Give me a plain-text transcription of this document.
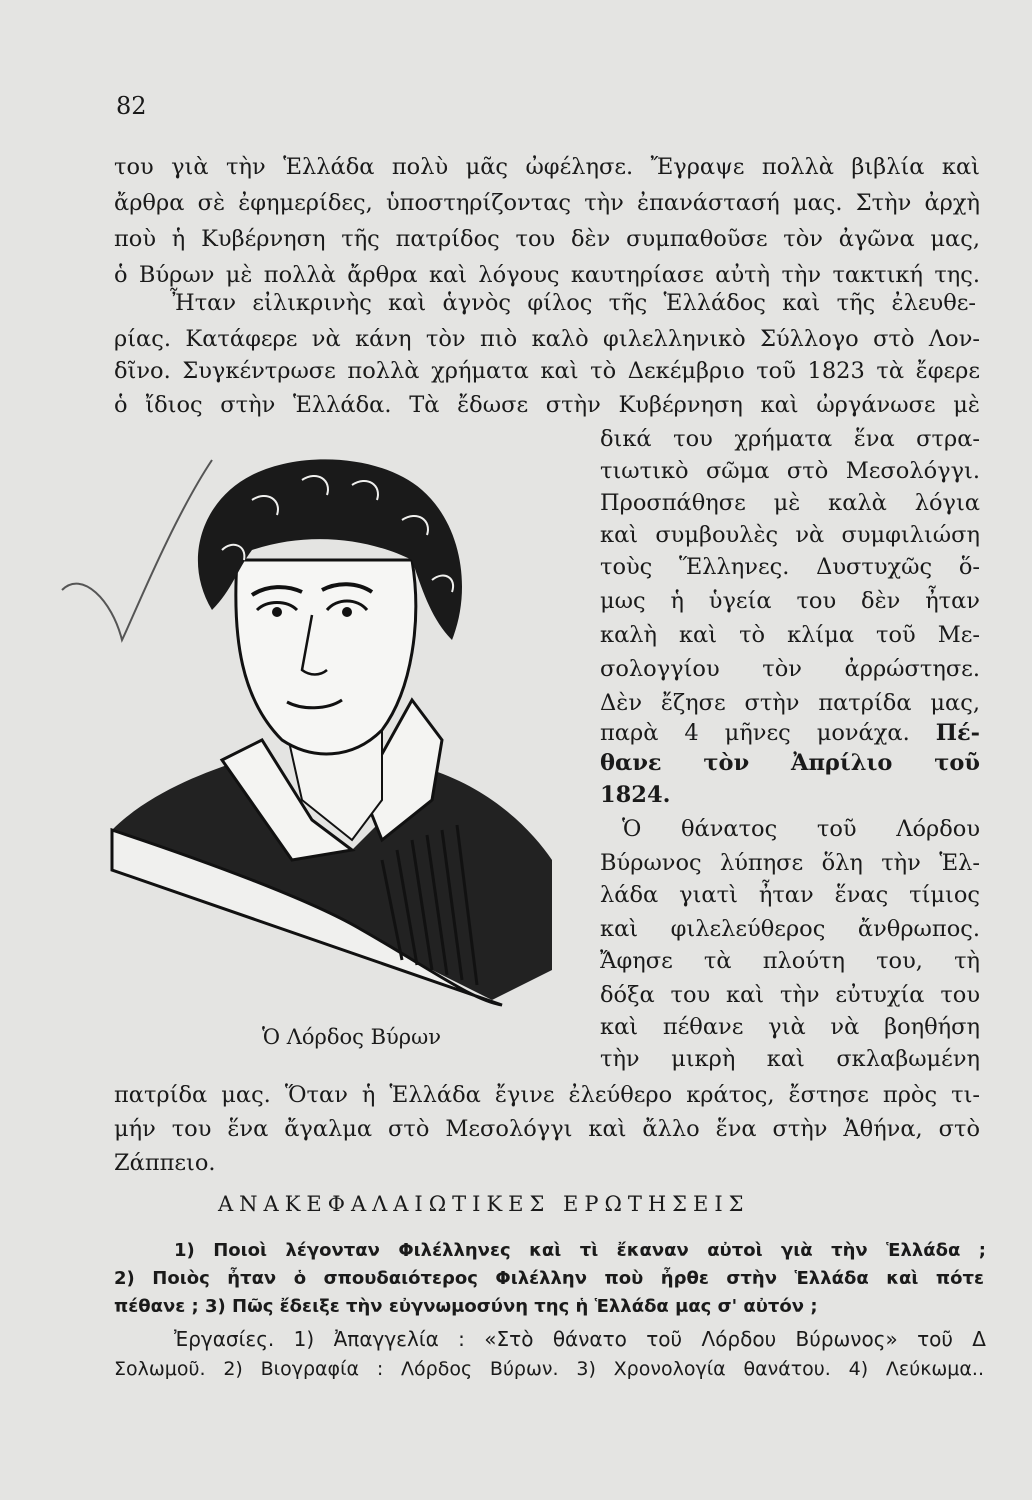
82
του γιὰ τὴν Ἑλλάδα πολὺ μᾶς ὠφέλησε. Ἔγραψε πολλὰ βιβλία καὶ
ἄρθρα σὲ ἐφημερίδες, ὑποστηρίζοντας τὴν ἐπανάστασή μας. Στὴν ἀρχὴ
ποὺ ἡ Κυβέρνηση τῆς πατρίδος του δὲν συμπαθοῦσε τὸν ἀγῶνα μας,
ὁ Βύρων μὲ πολλὰ ἄρθρα καὶ λόγους καυτηρίασε αὐτὴ τὴν τακτική της.
Ἦταν εἰλικρινὴς καὶ ἁγνὸς φίλος τῆς Ἑλλάδος καὶ τῆς ἐλευθε-
ρίας. Κατάφερε νὰ κάνη τὸν πιὸ καλὸ φιλελληνικὸ Σύλλογο στὸ Λον-
δῖνο. Συγκέντρωσε πολλὰ χρήματα καὶ τὸ Δεκέμβριο τοῦ 1823 τὰ ἔφερε
ὁ ἴδιος στὴν Ἑλλάδα. Τὰ ἔδωσε στὴν Κυβέρνηση καὶ ὠργάνωσε μὲ
δικά του χρήματα ἕνα στρα-
τιωτικὸ σῶμα στὸ Μεσολόγγι.
Προσπάθησε μὲ καλὰ λόγια
καὶ συμβουλὲς νὰ συμφιλιώση
τοὺς Ἕλληνες. Δυστυχῶς ὅ-
μως ἡ ὑγεία του δὲν ἦταν
καλὴ καὶ τὸ κλίμα τοῦ Με-
σολογγίου τὸν ἀρρώστησε.
Δὲν ἔζησε στὴν πατρίδα μας,
παρὰ 4 μῆνες μονάχα. Πέ-
θανε τὸν Ἀπρίλιο τοῦ
1824.
Ὁ θάνατος τοῦ Λόρδου
Βύρωνος λύπησε ὅλη τὴν Ἑλ-
λάδα γιατὶ ἦταν ἕνας τίμιος
καὶ φιλελεύθερος ἄνθρωπος.
Ἄφησε τὰ πλούτη του, τὴ
δόξα του καὶ τὴν εὐτυχία του
καὶ πέθανε γιὰ νὰ βοηθήση
τὴν μικρὴ καὶ σκλαβωμένη
Ὁ Λόρδος Βύρων
πατρίδα μας. Ὅταν ἡ Ἑλλάδα ἔγινε ἐλεύθερο κράτος, ἔστησε πρὸς τι-
μήν του ἕνα ἄγαλμα στὸ Μεσολόγγι καὶ ἄλλο ἕνα στὴν Ἀθήνα, στὸ
Ζάππειο.
ΑΝΑΚΕΦΑΛΑΙΩΤΙΚΕΣ ΕΡΩΤΗΣΕΙΣ
1) Ποιοὶ λέγονταν Φιλέλληνες καὶ τὶ ἔκαναν αὐτοὶ γιὰ τὴν Ἑλλάδα ;
2) Ποιὸς ἦταν ὁ σπουδαιότερος Φιλέλλην ποὺ ἦρθε στὴν Ἑλλάδα καὶ πότε
πέθανε ; 3) Πῶς ἔδειξε τὴν εὐγνωμοσύνη της ἡ Ἑλλάδα μας σ' αὐτόν ;
Ἐργασίες. 1) Ἀπαγγελία : «Στὸ θάνατο τοῦ Λόρδου Βύρωνος» τοῦ Δ
Σολωμοῦ. 2) Βιογραφία : Λόρδος Βύρων. 3) Χρονολογία θανάτου. 4) Λεύκωμα..
